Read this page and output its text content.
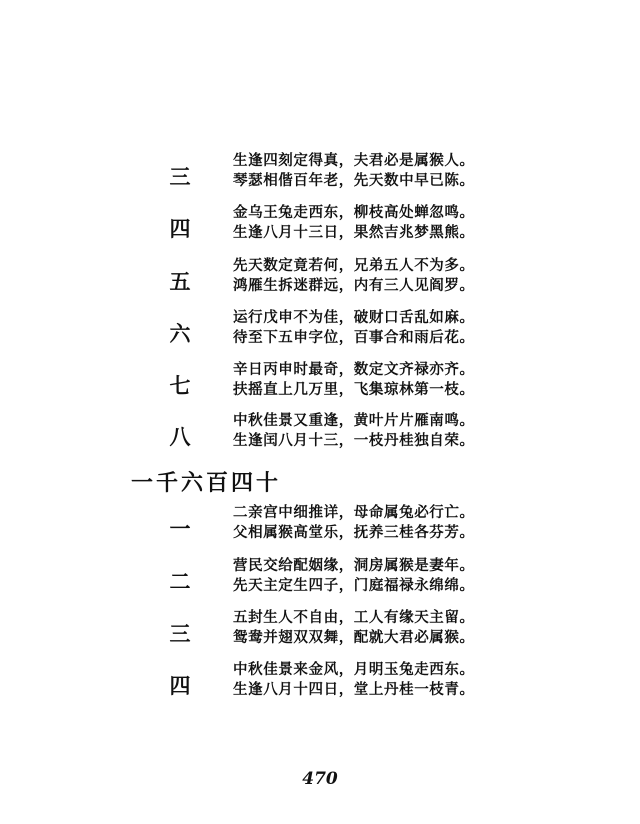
三
生逢四刻定得真，夫君必是属猴人。
琴瑟相偕百年老，先天数中早已陈。
四
金乌王兔走西东，柳枝高处蝉忽鸣。
生逢八月十三日，果然吉兆梦黑熊。
五
先天数定竟若何，兄弟五人不为多。
鸿雁生拆迷群远，内有三人见阎罗。
六
运行戊申不为佳，破财口舌乱如麻。
待至下五申字位，百事合和雨后花。
七
辛日丙申时最奇，数定文齐禄亦齐。
扶摇直上几万里，飞集琼林第一枝。
八
中秋佳景又重逢，黄叶片片雁南鸣。
生逢闰八月十三，一枝丹桂独自荣。
一千六百四十
一
二亲宫中细推详，母命属兔必行亡。
父相属猴高堂乐，抚养三桂各芬芳。
二
营民交给配姻缘，洞房属猴是妻年。
先天主定生四子，门庭福禄永绵绵。
三
五封生人不自由，工人有缘天主留。
鸳鸯并翅双双舞，配就大君必属猴。
四
中秋佳景来金风，月明玉兔走西东。
生逢八月十四日，堂上丹桂一枝青。
470
